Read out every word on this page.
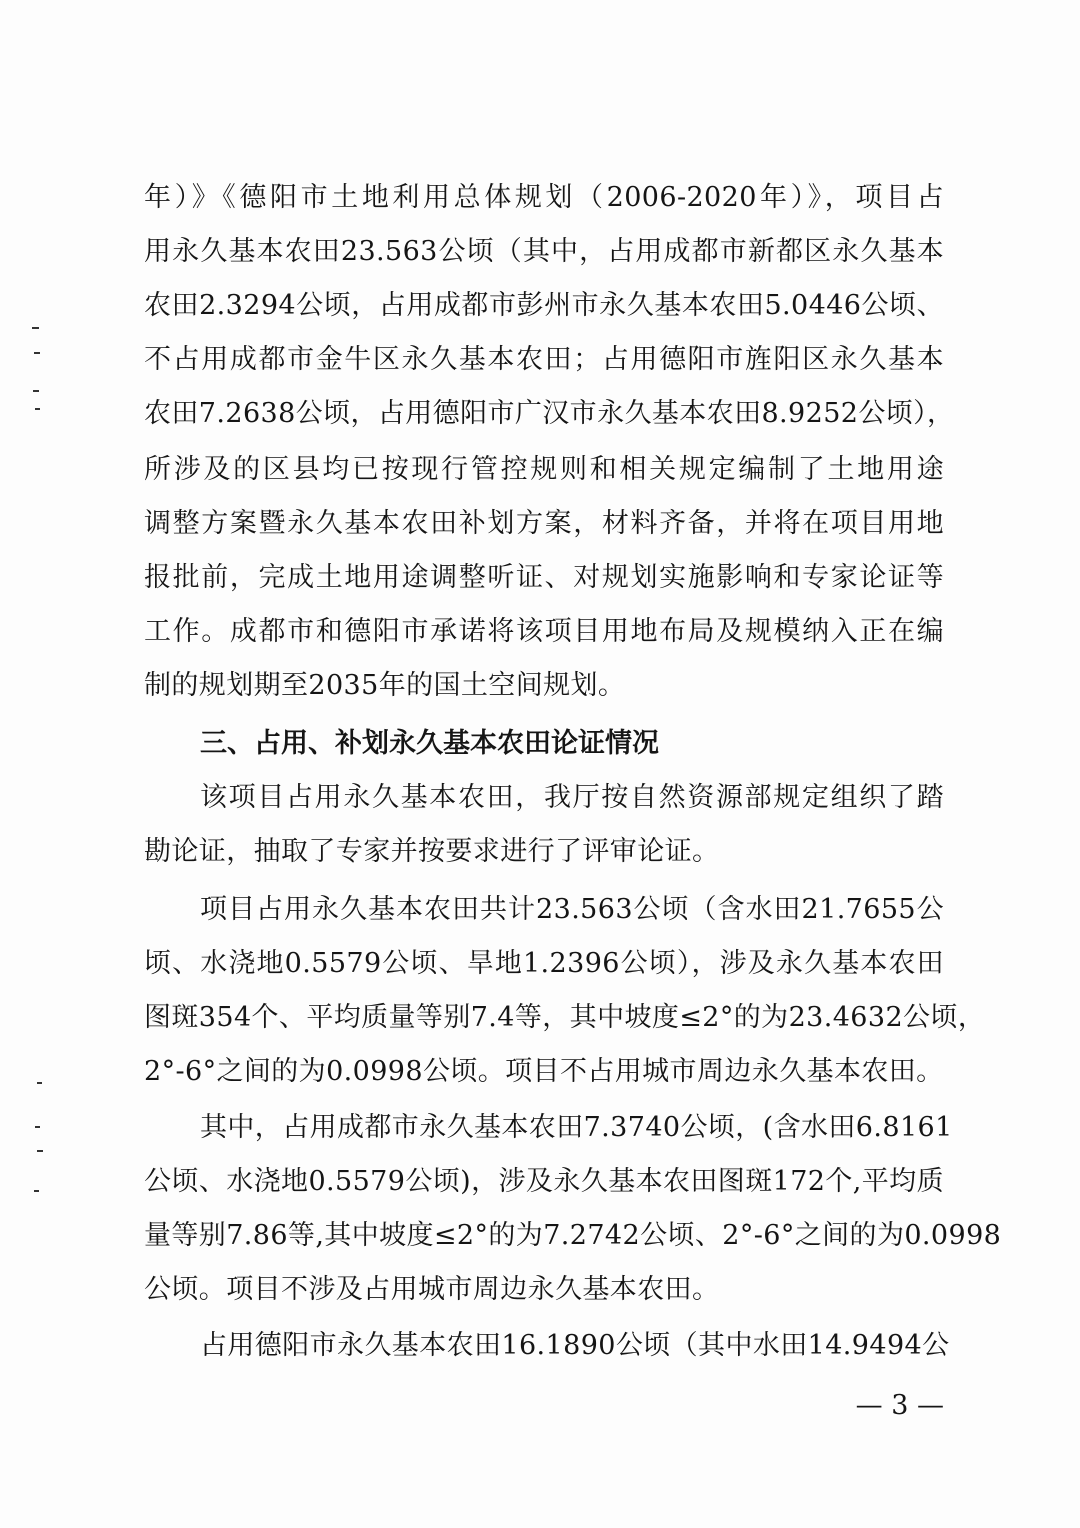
年）》《德阳市土地利用总体规划（2006-2020年）》，项目占
用永久基本农田23.563公顷（其中，占用成都市新都区永久基本
农田2.3294公顷，占用成都市彭州市永久基本农田5.0446公顷、
不占用成都市金牛区永久基本农田；占用德阳市旌阳区永久基本
农田7.2638公顷，占用德阳市广汉市永久基本农田8.9252公顷），
所涉及的区县均已按现行管控规则和相关规定编制了土地用途
调整方案暨永久基本农田补划方案，材料齐备，并将在项目用地
报批前，完成土地用途调整听证、对规划实施影响和专家论证等
工作。成都市和德阳市承诺将该项目用地布局及规模纳入正在编
制的规划期至2035年的国土空间规划。
三、占用、补划永久基本农田论证情况
该项目占用永久基本农田，我厅按自然资源部规定组织了踏
勘论证，抽取了专家并按要求进行了评审论证。
项目占用永久基本农田共计23.563公顷（含水田21.7655公
顷、水浇地0.5579公顷、旱地1.2396公顷），涉及永久基本农田
图斑354个、平均质量等别7.4等，其中坡度≤2°的为23.4632公顷，
2°-6°之间的为0.0998公顷。项目不占用城市周边永久基本农田。
其中，占用成都市永久基本农田7.3740公顷，(含水田6.8161
公顷、水浇地0.5579公顷)，涉及永久基本农田图斑172个,平均质
量等别7.86等,其中坡度≤2°的为7.2742公顷、2°-6°之间的为0.0998
公顷。项目不涉及占用城市周边永久基本农田。
占用德阳市永久基本农田16.1890公顷（其中水田14.9494公
— 3 —
